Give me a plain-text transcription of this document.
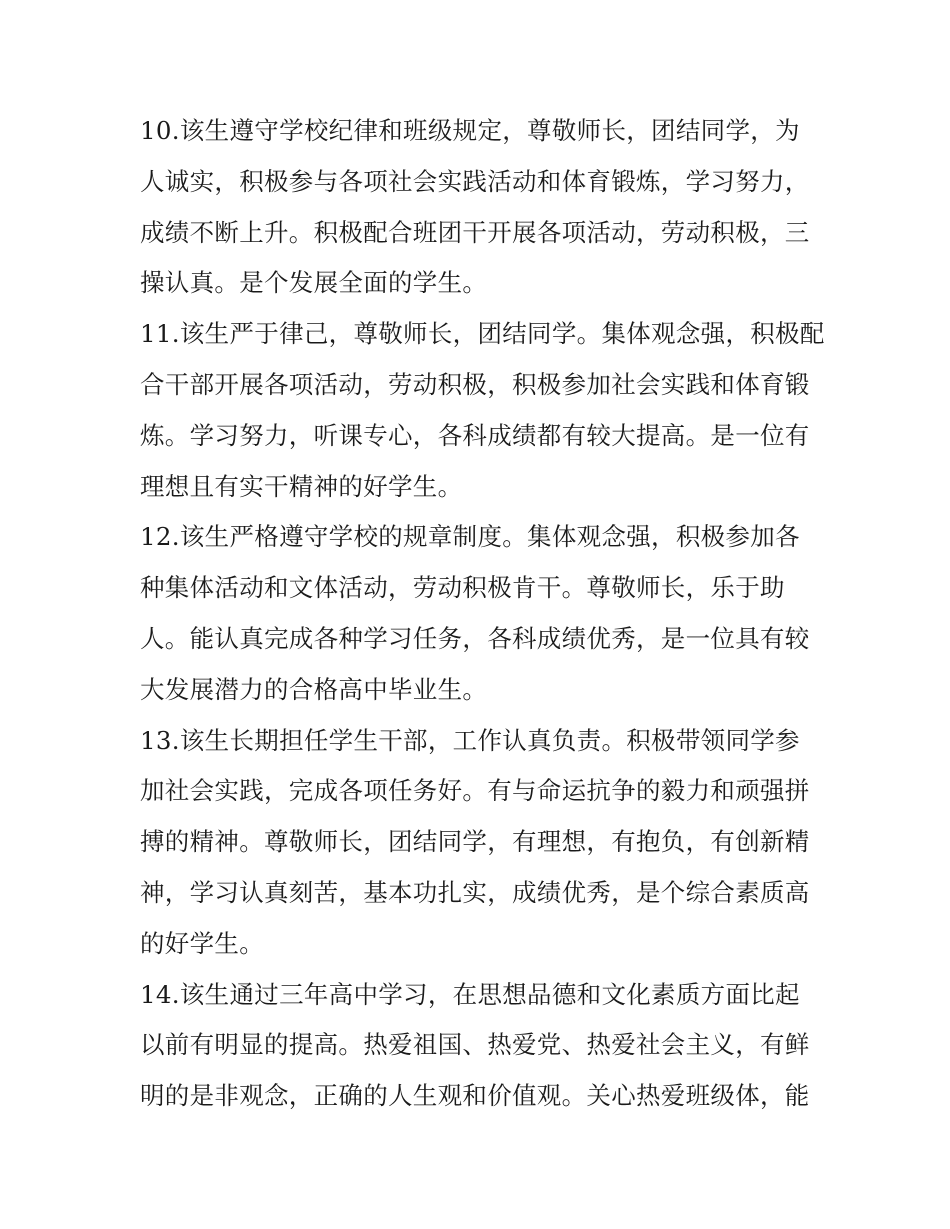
10.该生遵守学校纪律和班级规定，尊敬师长，团结同学，为
人诚实，积极参与各项社会实践活动和体育锻炼，学习努力，
成绩不断上升。积极配合班团干开展各项活动，劳动积极，三
操认真。是个发展全面的学生。
11.该生严于律己，尊敬师长，团结同学。集体观念强，积极配
合干部开展各项活动，劳动积极，积极参加社会实践和体育锻
炼。学习努力，听课专心，各科成绩都有较大提高。是一位有
理想且有实干精神的好学生。
12.该生严格遵守学校的规章制度。集体观念强，积极参加各
种集体活动和文体活动，劳动积极肯干。尊敬师长，乐于助
人。能认真完成各种学习任务，各科成绩优秀，是一位具有较
大发展潜力的合格高中毕业生。
13.该生长期担任学生干部，工作认真负责。积极带领同学参
加社会实践，完成各项任务好。有与命运抗争的毅力和顽强拼
搏的精神。尊敬师长，团结同学，有理想，有抱负，有创新精
神，学习认真刻苦，基本功扎实，成绩优秀，是个综合素质高
的好学生。
14.该生通过三年高中学习，在思想品德和文化素质方面比起
以前有明显的提高。热爱祖国、热爱党、热爱社会主义，有鲜
明的是非观念，正确的人生观和价值观。关心热爱班级体，能
